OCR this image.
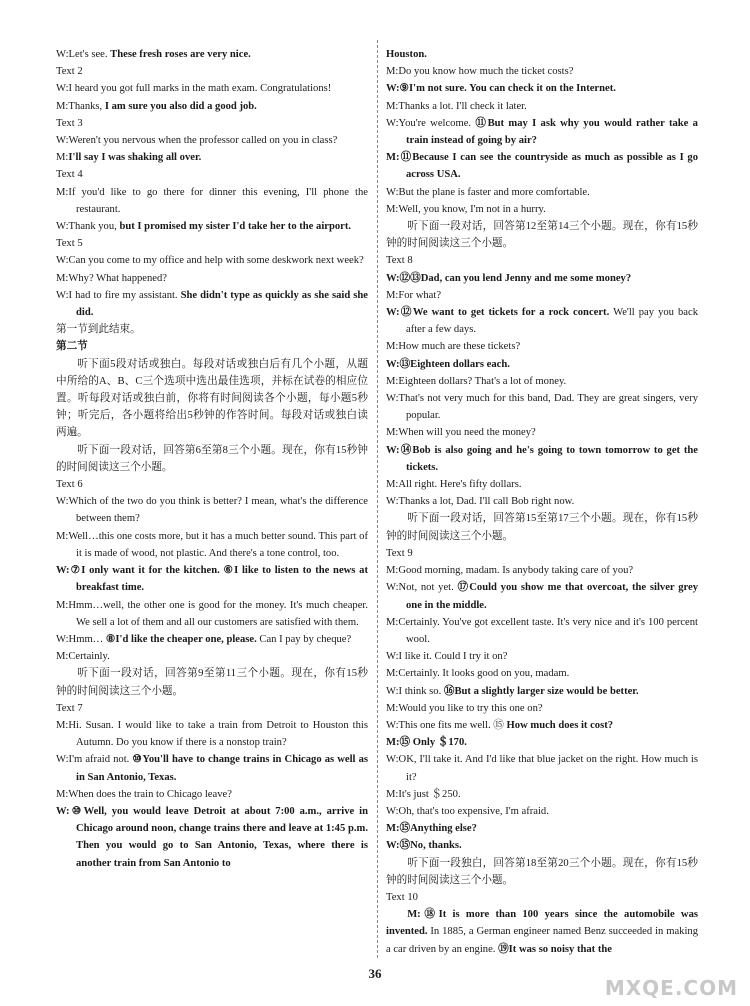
W:Let's see. These fresh roses are very nice.

Text 2

W:I heard you got full marks in the math exam. Congratulations!

M:Thanks, I am sure you also did a good job.

Text 3

W:Weren't you nervous when the professor called on you in class?

M:I'll say I was shaking all over.

Text 4

M:If you'd like to go there for dinner this evening, I'll phone the restaurant.

W:Thank you, but I promised my sister I'd take her to the airport.

Text 5

W:Can you come to my office and help with some deskwork next week?

M:Why? What happened?

W:I had to fire my assistant. She didn't type as quickly as she said she did.

第一节到此结束。

第二节

听下面5段对话或独白。每段对话或独白后有几个小题，从题中所给的A、B、C三个选项中选出最佳选项，并标在试卷的相应位置。听每段对话或独白前，你将有时间阅读各个小题，每小题5秒钟；听完后，各小题将给出5秒钟的作答时间。每段对话或独白读两遍。

听下面一段对话，回答第6至第8三个小题。现在，你有15秒钟的时间阅读这三个小题。

Text 6

W:Which of the two do you think is better? I mean, what's the difference between them?

M:Well…this one costs more, but it has a much better sound. This part of it is made of wood, not plastic. And there's a tone control, too.

W:⑦I only want it for the kitchen. ⑥I like to listen to the news at breakfast time.

M:Hmm…well, the other one is good for the money. It's much cheaper. We sell a lot of them and all our customers are satisfied with them.

W:Hmm… ⑧I'd like the cheaper one, please. Can I pay by cheque?

M:Certainly.

听下面一段对话，回答第9至第11三个小题。现在，你有15秒钟的时间阅读这三个小题。

Text 7

M:Hi. Susan. I would like to take a train from Detroit to Houston this Autumn. Do you know if there is a nonstop train?

W:I'm afraid not. ⑩You'll have to change trains in Chicago as well as in San Antonio, Texas.

M:When does the train to Chicago leave?

W:⑩Well, you would leave Detroit at about 7:00 a.m., arrive in Chicago around noon, change trains there and leave at 1:45 p.m. Then you would go to San Antonio, Texas, where there is another train from San Antonio to

Houston.

M:Do you know how much the ticket costs?

W:⑨I'm not sure. You can check it on the Internet.

M:Thanks a lot. I'll check it later.

W:You're welcome. ⑪But may I ask why you would rather take a train instead of going by air?

M:⑪Because I can see the countryside as much as possible as I go across USA.

W:But the plane is faster and more comfortable.

M:Well, you know, I'm not in a hurry.

听下面一段对话，回答第12至第14三个小题。现在，你有15秒钟的时间阅读这三个小题。

Text 8

W:⑫⑬Dad, can you lend Jenny and me some money?

M:For what?

W:⑫We want to get tickets for a rock concert. We'll pay you back after a few days.

M:How much are these tickets?

W:⑬Eighteen dollars each.

M:Eighteen dollars? That's a lot of money.

W:That's not very much for this band, Dad. They are great singers, very popular.

M:When will you need the money?

W:⑭Bob is also going and he's going to town tomorrow to get the tickets.

M:All right. Here's fifty dollars.

W:Thanks a lot, Dad. I'll call Bob right now.

听下面一段对话，回答第15至第17三个小题。现在，你有15秒钟的时间阅读这三个小题。

Text 9

M:Good morning, madam. Is anybody taking care of you?

W:Not, not yet. ⑰Could you show me that overcoat, the silver grey one in the middle.

M:Certainly. You've got excellent taste. It's very nice and it's 100 percent wool.

W:I like it. Could I try it on?

M:Certainly. It looks good on you, madam.

W:I think so. ⑯But a slightly larger size would be better.

M:Would you like to try this one on?

W:This one fits me well. ⑮ How much does it cost?

M:⑮ Only ＄170.

W:OK, I'll take it. And I'd like that blue jacket on the right. How much is it?

M:It's just ＄250.

W:Oh, that's too expensive, I'm afraid.

M:⑮Anything else?

W:⑮No, thanks.

听下面一段独白，回答第18至第20三个小题。现在，你有15秒钟的时间阅读这三个小题。

Text 10

M:⑱It is more than 100 years since the automobile was invented. In 1885, a German engineer named Benz succeeded in making a car driven by an engine. ⑲It was so noisy that the

36
MXQE.COM
